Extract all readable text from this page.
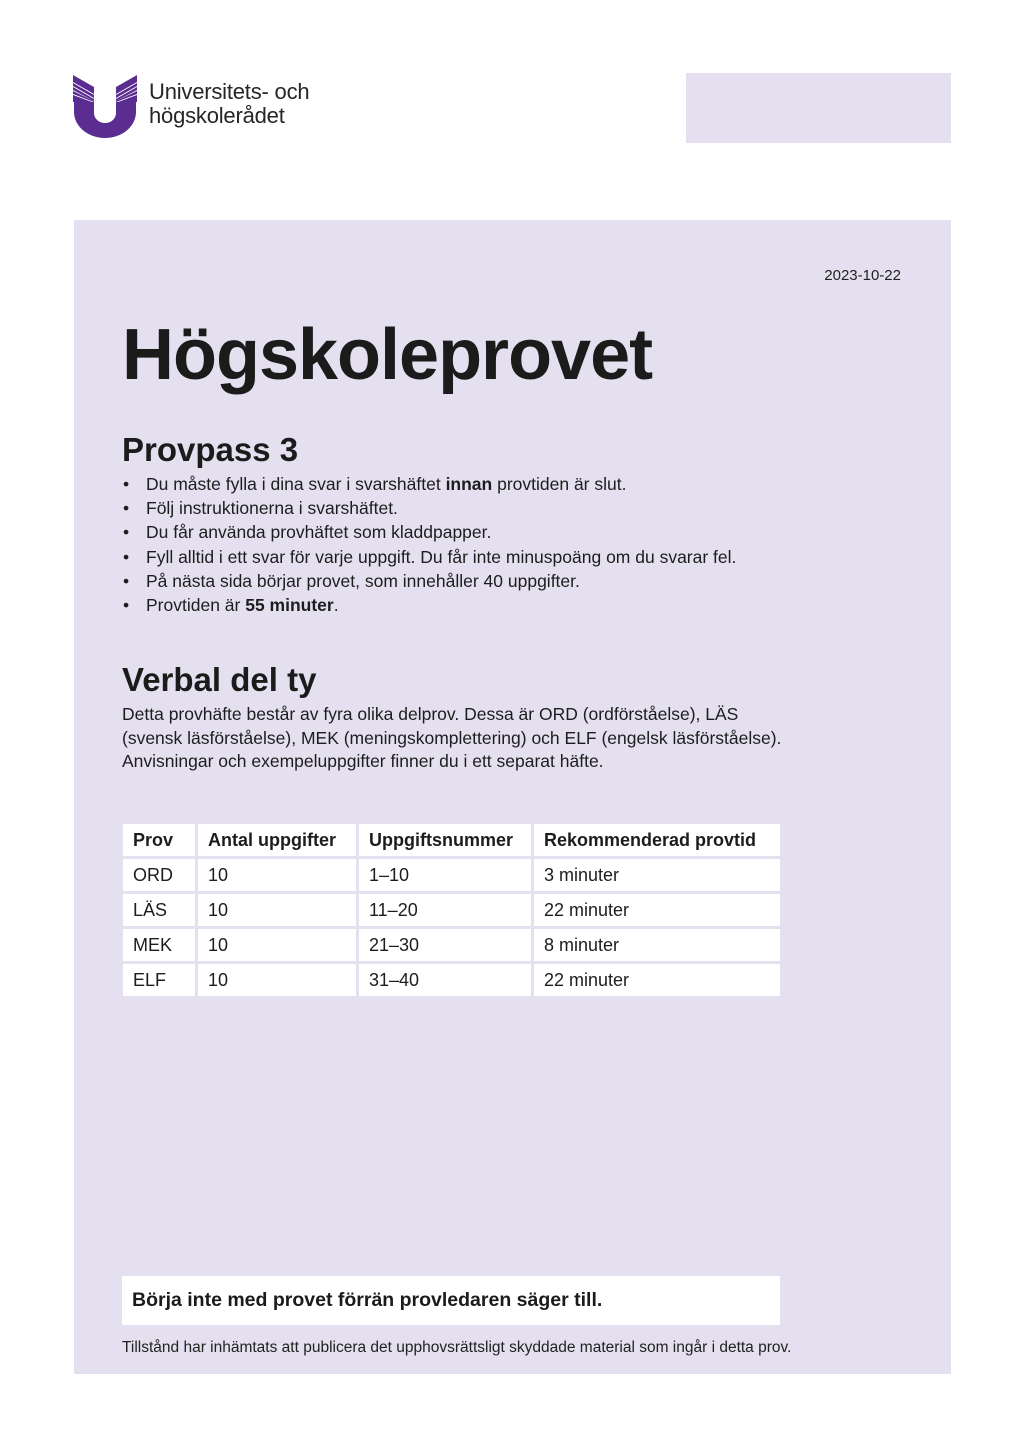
Universitets- och
högskolerådet
2023-10-22
Högskoleprovet
Provpass 3
• Du måste fylla i dina svar i svarshäftet innan provtiden är slut.
• Följ instruktionerna i svarshäftet.
• Du får använda provhäftet som kladdpapper.
• Fyll alltid i ett svar för varje uppgift. Du får inte minuspoäng om du svarar fel.
• På nästa sida börjar provet, som innehåller 40 uppgifter.
• Provtiden är 55 minuter.
Verbal del ty

Detta provhäfte består av fyra olika delprov. Dessa är ORD (ordförståelse), LÄS (svensk läsförståelse), MEK (meningskomplettering) och ELF (engelsk läsförståelse). Anvisningar och exempeluppgifter finner du i ett separat häfte.

Prov	Antal uppgifter	Uppgiftsnummer	Rekommenderad provtid
ORD	10	1–10	3 minuter
LÄS	10	11–20	22 minuter
MEK	10	21–30	8 minuter
ELF	10	31–40	22 minuter
Börja inte med provet förrän provledaren säger till.
Tillstånd har inhämtats att publicera det upphovsrättsligt skyddade material som ingår i detta prov.
